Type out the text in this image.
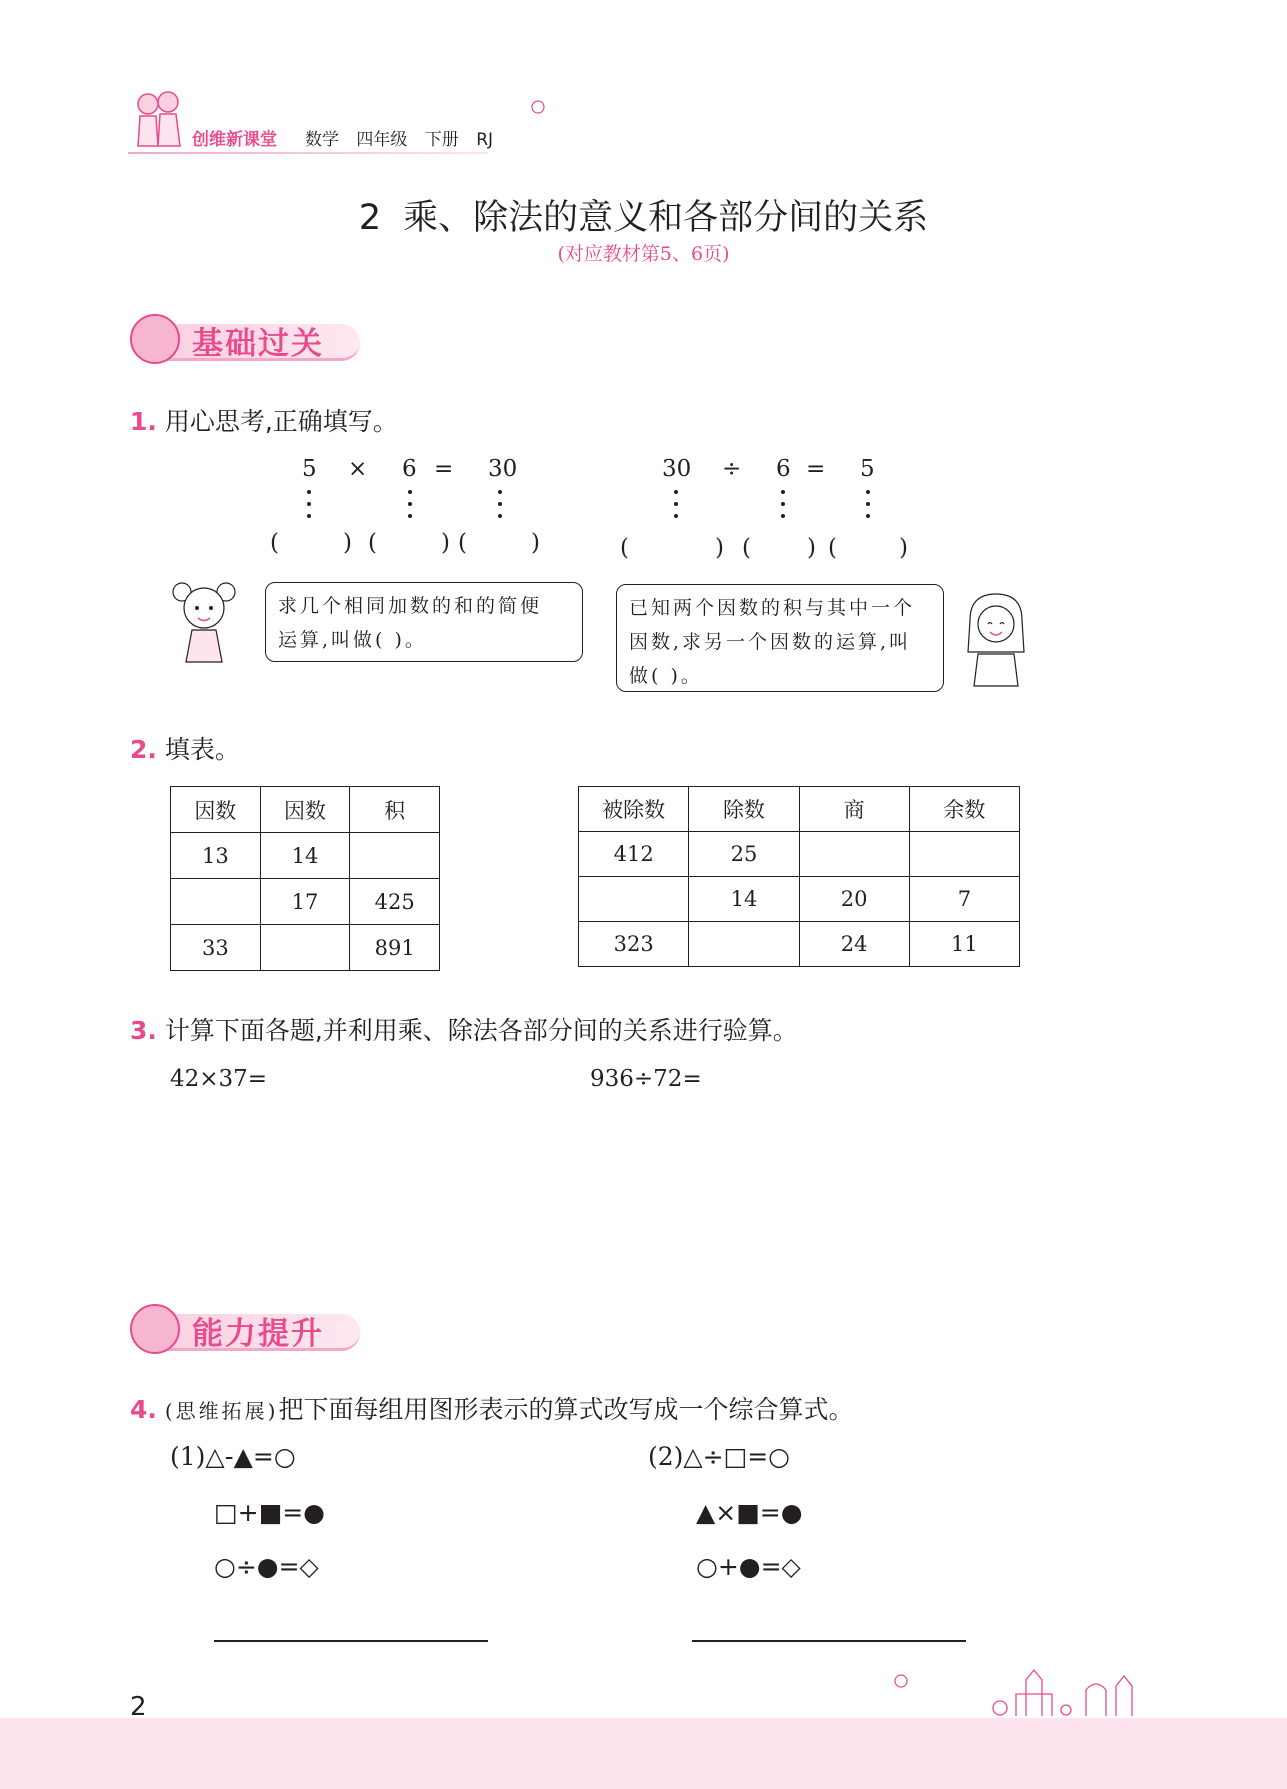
创维新课堂 数学 四年级 下册 RJ
2 乘、除法的意义和各部分间的关系
(对应教材第5、6页)
基础过关
1. 用心思考,正确填写。
5 × 6 = 30
(	) (	) (	)
30 ÷ 6 = 5
(	) ( ) (	)
求几个相同加数的和的简便
运算,叫做( )。
已知两个因数的积与其中一个
因数,求另一个因数的运算,叫
做( )。
2. 填表。
因数	因数	积
13	14	
	17	425
33		891
被除数	除数	商	余数
412	25		
	14	20	7
323		24	11
3. 计算下面各题,并利用乘、除法各部分间的关系进行验算。
42×37=	936÷72=
能力提升
4. (思维拓展)把下面每组用图形表示的算式改写成一个综合算式。
(1)△-▲=○
□+■=●
○÷●=◇
(2)△÷□=○
▲×■=●
○+●=◇
2
